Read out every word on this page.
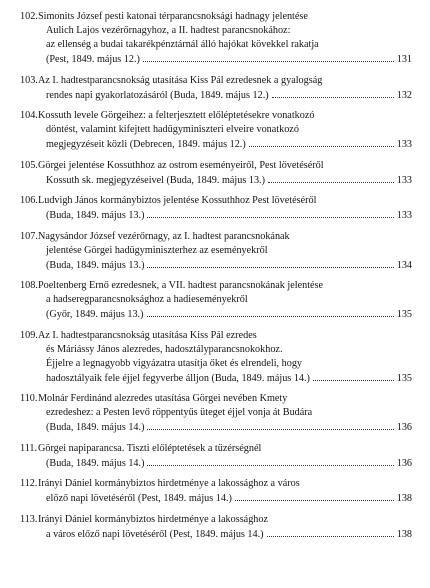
102. Simonits József pesti katonai térparancsnoksági hadnagy jelentése
Aulich Lajos vezérőrnagyhoz, a II. hadtest parancsnokához:
az ellenség a budai takarékpénztárnál álló hajókat kövekkel rakatja
(Pest, 1849. május 12.)	131
103. Az I. hadtestparancsnokság utasítása Kiss Pál ezredesnek a gyalogság
rendes napi gyakorlatozásáról (Buda, 1849. május 12.)	132
104. Kossuth levele Görgeihez: a felterjesztett előléptetésekre vonatkozó
döntést, valamint kifejtett hadügyminiszteri elveire vonatkozó
megjegyzéseit közli (Debrecen, 1849. május 12.)	133
105. Görgei jelentése Kossuthhoz az ostrom eseményeiről, Pest lövetéséről
Kossuth sk. megjegyzéseivel (Buda, 1849. május 13.)	133
106. Ludvigh János kormánybiztos jelentése Kossuthhoz Pest lövetéséről
(Buda, 1849. május 13.)	133
107. Nagysándor József vezérőrnagy, az I. hadtest parancsnokának
jelentése Görgei hadügyminiszterhez az eseményekről
(Buda, 1849. május 13.)	134
108. Poeltenberg Ernő ezredesnek, a VII. hadtest parancsnokának jelentése
a hadseregparancsnoksághoz a hadieseményekről
(Győr, 1849. május 13.)	135
109. Az I. hadtestparancsnokság utasítása Kiss Pál ezredes
és Máriássy János alezredes, hadosztályparancsnokokhoz.
Éjjelre a legnagyobb vigyázatra utasítja őket és elrendeli, hogy
hadosztályaik fele éjjel fegyverbe álljon (Buda, 1849. május 14.)	135
110. Molnár Ferdinánd alezredes utasítása Görgei nevében Kmety
ezredeshez: a Pesten levő röppentyűs üteget éjjel vonja át Budára
(Buda, 1849. május 14.)	136
111. Görgei napiparancsa. Tiszti előléptetések a tüzérségnél
(Buda, 1849. május 14.)	136
112. Irányi Dániel kormánybiztos hirdetménye a lakossághoz a város
előző napi lövetéséről (Pest, 1849. május 14.)	138
113. Irányi Dániel kormánybiztos hirdetménye a lakossághoz
a város előző napi lövetéséről (Pest, 1849. május 14.)	138
